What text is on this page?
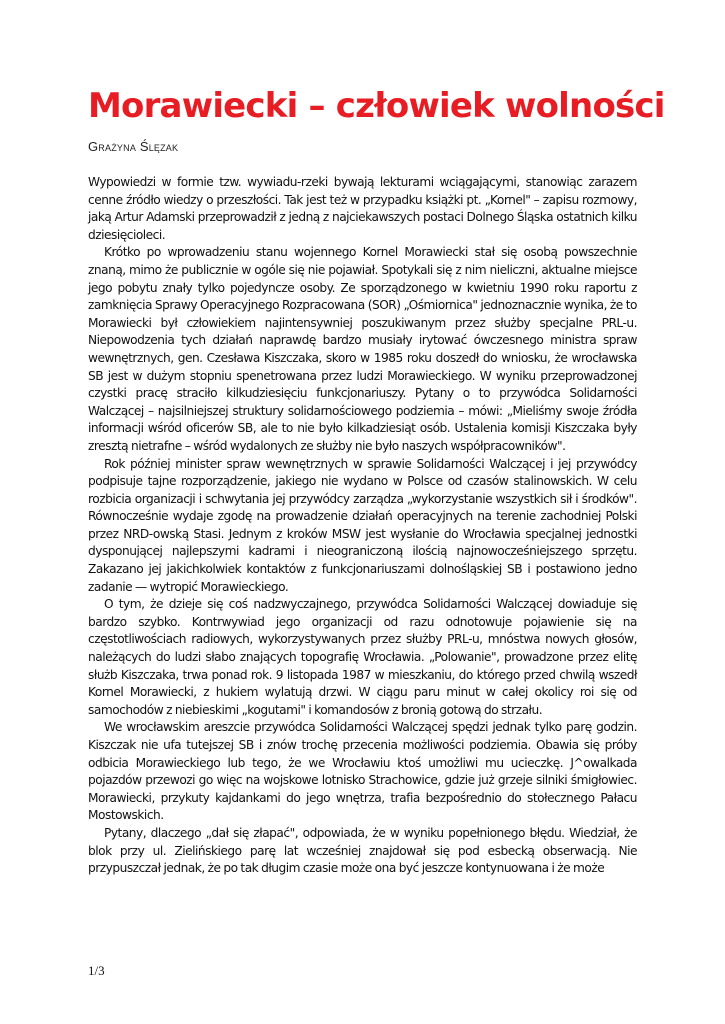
Morawiecki – człowiek wolności
Grażyna Ślęzak

Wypowiedzi w formie tzw. wywiadu-rzeki bywają lekturami wciągającymi, stanowiąc zarazem cenne źródło wiedzy o przeszłości. Tak jest też w przypadku książki pt. „Kornel" – zapisu rozmowy, jaką Artur Adamski przeprowadził z jedną z najciekawszych postaci Dolnego Śląska ostatnich kilku dziesięcioleci.

Krótko po wprowadzeniu stanu wojennego Kornel Morawiecki stał się osobą powszechnie znaną, mimo że publicznie w ogóle się nie pojawiał. Spotykali się z nim nieliczni, aktualne miejsce jego pobytu znały tylko pojedyncze osoby. Ze sporządzonego w kwietniu 1990 roku raportu z zamknięcia Sprawy Operacyjnego Rozpracowana (SOR) „Ośmiornica" jednoznacznie wynika, że to Morawiecki był człowiekiem najintensywniej poszukiwanym przez służby specjalne PRL-u. Niepowodzenia tych działań naprawdę bardzo musiały irytować ówczesnego ministra spraw wewnętrznych, gen. Czesława Kiszczaka, skoro w 1985 roku doszedł do wniosku, że wrocławska SB jest w dużym stopniu spenetrowana przez ludzi Morawieckiego. W wyniku przeprowadzonej czystki pracę straciło kilkudziesięciu funkcjonariuszy. Pytany o to przywódca Solidarności Walczącej – najsilniejszej struktury solidarnościowego podziemia – mówi: „Mieliśmy swoje źródła informacji wśród oficerów SB, ale to nie było kilkadziesiąt osób. Ustalenia komisji Kiszczaka były zresztą nietrafne – wśród wydalonych ze służby nie było naszych współpracowników".

Rok później minister spraw wewnętrznych w sprawie Solidarności Walczącej i jej przywódcy podpisuje tajne rozporządzenie, jakiego nie wydano w Polsce od czasów stalinowskich. W celu rozbicia organizacji i schwytania jej przywódcy zarządza „wykorzystanie wszystkich sił i środków". Równocześnie wydaje zgodę na prowadzenie działań operacyjnych na terenie zachodniej Polski przez NRD-owską Stasi. Jednym z kroków MSW jest wysłanie do Wrocławia specjalnej jednostki dysponującej najlepszymi kadrami i nieograniczoną ilością najnowocześniejszego sprzętu. Zakazano jej jakichkolwiek kontaktów z funkcjonariuszami dolnośląskiej SB i postawiono jedno zadanie — wytropić Morawieckiego.

O tym, że dzieje się coś nadzwyczajnego, przywódca Solidarności Walczącej dowiaduje się bardzo szybko. Kontrwywiad jego organizacji od razu odnotowuje pojawienie się na częstotliwościach radiowych, wykorzystywanych przez służby PRL-u, mnóstwa nowych głosów, należących do ludzi słabo znających topografię Wrocławia. „Polowanie", prowadzone przez elitę służb Kiszczaka, trwa ponad rok. 9 listopada 1987 w mieszkaniu, do którego przed chwilą wszedł Kornel Morawiecki, z hukiem wylatują drzwi. W ciągu paru minut w całej okolicy roi się od samochodów z niebieskimi „kogutami" i komandosów z bronią gotową do strzału.

We wrocławskim areszcie przywódca Solidarności Walczącej spędzi jednak tylko parę godzin. Kiszczak nie ufa tutejszej SB i znów trochę przecenia możliwości podziemia. Obawia się próby odbicia Morawieckiego lub tego, że we Wrocławiu ktoś umożliwi mu ucieczkę. J^owalkada pojazdów przewozi go więc na wojskowe lotnisko Strachowice, gdzie już grzeje silniki śmigłowiec. Morawiecki, przykuty kajdankami do jego wnętrza, trafia bezpośrednio do stołecznego Pałacu Mostowskich.

Pytany, dlaczego „dał się złapać", odpowiada, że w wyniku popełnionego błędu. Wiedział, że blok przy ul. Zielińskiego parę lat wcześniej znajdował się pod esbecką obserwacją. Nie przypuszczał jednak, że po tak długim czasie może ona być jeszcze kontynuowana i że może

1/3
